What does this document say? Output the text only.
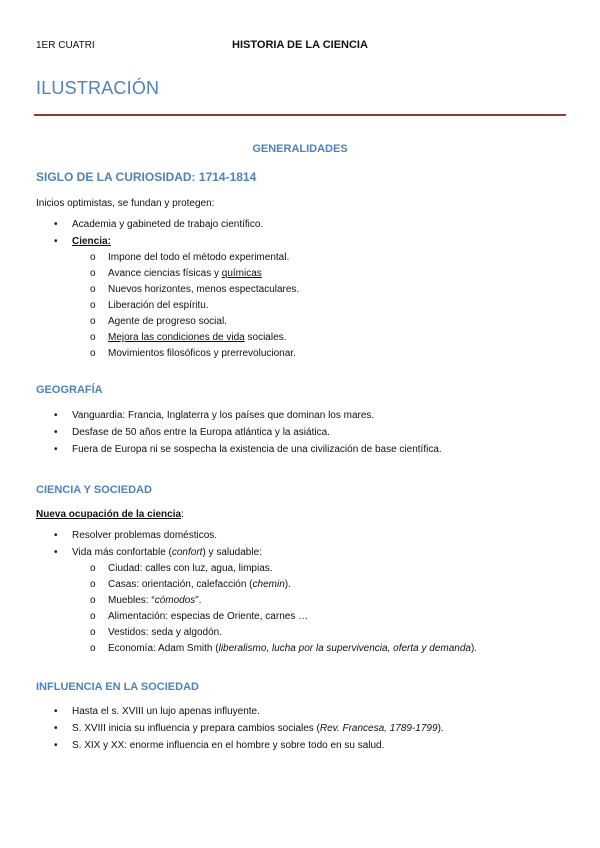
1ER CUATRI	HISTORIA DE LA CIENCIA
ILUSTRACIÓN
GENERALIDADES
SIGLO DE LA CURIOSIDAD: 1714-1814
Inicios optimistas, se fundan y protegen:
• Academia y gabineted de trabajo científico.
• Ciencia:
o Impone del todo el método experimental.
o Avance ciencias físicas y químicas
o Nuevos horizontes, menos espectaculares.
o Liberación del espíritu.
o Agente de progreso social.
o Mejora las condiciones de vida sociales.
o Movimientos filosóficos y prerrevolucionar.
GEOGRAFÍA
• Vanguardia: Francia, Inglaterra y los países que dominan los mares.
• Desfase de 50 años entre la Europa atlántica y la asiática.
• Fuera de Europa ni se sospecha la existencia de una civilización de base científica.
CIENCIA Y SOCIEDAD
Nueva ocupación de la ciencia:
• Resolver problemas domésticos.
• Vida más confortable (confort) y saludable:
o Ciudad: calles con luz, agua, limpias.
o Casas: orientación, calefacción (chemin).
o Muebles: “cómodos”.
o Alimentación: especias de Oriente, carnes …
o Vestidos: seda y algodón.
o Economía: Adam Smith (liberalismo, lucha por la supervivencia, oferta y demanda).
INFLUENCIA EN LA SOCIEDAD
• Hasta el s. XVIII un lujo apenas influyente.
• S. XVIII inicia su influencia y prepara cambios sociales (Rev. Francesa, 1789-1799).
• S. XIX y XX: enorme influencia en el hombre y sobre todo en su salud.
